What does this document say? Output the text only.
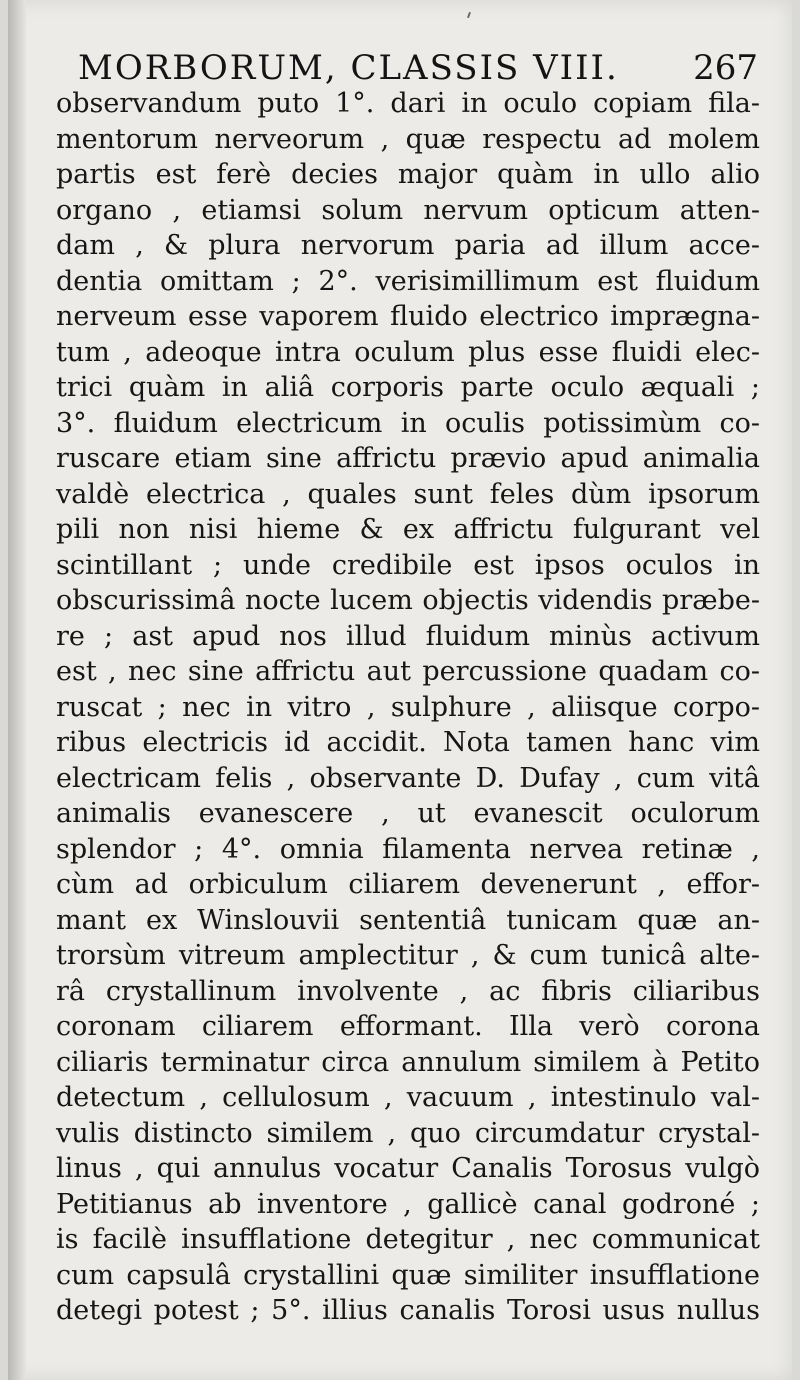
MORBORUM, CLASSIS VIII. 267
observandum puto 1°. dari in oculo copiam fila-
mentorum nerveorum , quæ respectu ad molem
partis est ferè decies major quàm in ullo alio
organo , etiamsi solum nervum opticum atten-
dam , & plura nervorum paria ad illum acce-
dentia omittam ; 2°. verisimillimum est fluidum
nerveum esse vaporem fluido electrico imprægna-
tum , adeoque intra oculum plus esse fluidi elec-
trici quàm in aliâ corporis parte oculo æquali ;
3°. fluidum electricum in oculis potissimùm co-
ruscare etiam sine affrictu prævio apud animalia
valdè electrica , quales sunt feles dùm ipsorum
pili non nisi hieme & ex affrictu fulgurant vel
scintillant ; unde credibile est ipsos oculos in
obscurissimâ nocte lucem objectis videndis præbe-
re ; ast apud nos illud fluidum minùs activum
est , nec sine affrictu aut percussione quadam co-
ruscat ; nec in vitro , sulphure , aliisque corpo-
ribus electricis id accidit. Nota tamen hanc vim
electricam felis , observante D. Dufay , cum vitâ
animalis evanescere , ut evanescit oculorum
splendor ; 4°. omnia filamenta nervea retinæ ,
cùm ad orbiculum ciliarem devenerunt , effor-
mant ex Winslouvii sententiâ tunicam quæ an-
trorsùm vitreum amplectitur , & cum tunicâ alte-
râ crystallinum involvente , ac fibris ciliaribus
coronam ciliarem efformant. Illa verò corona
ciliaris terminatur circa annulum similem à Petito
detectum , cellulosum , vacuum , intestinulo val-
vulis distincto similem , quo circumdatur crystal-
linus , qui annulus vocatur Canalis Torosus vulgò
Petitianus ab inventore , gallicè canal godroné ;
is facilè insufflatione detegitur , nec communicat
cum capsulâ crystallini quæ similiter insufflatione
detegi potest ; 5°. illius canalis Torosi usus nullus
